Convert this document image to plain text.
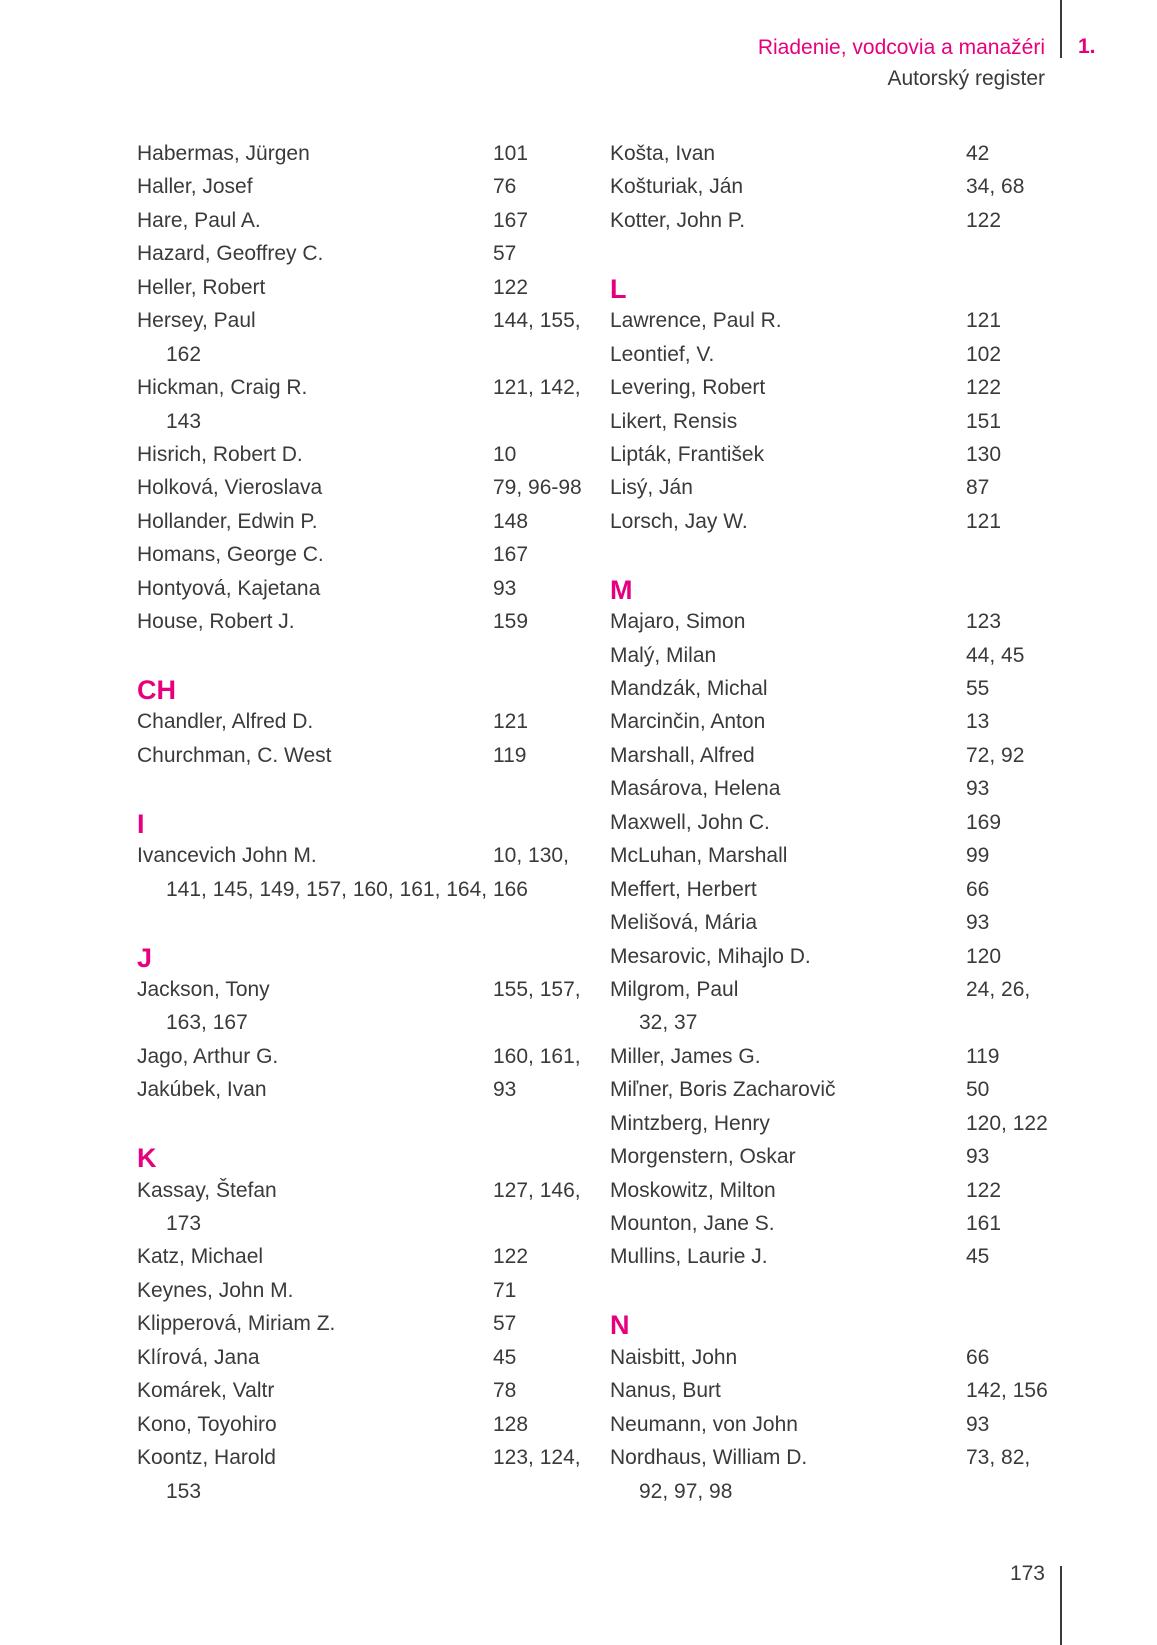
Riadenie, vodcovia a manažéri 1.
Autorský register
Habermas, Jürgen	101
Haller, Josef	76
Hare, Paul A.	167
Hazard, Geoffrey C.	57
Heller, Robert	122
Hersey, Paul	144, 155,
162
Hickman, Craig R.	121, 142,
143
Hisrich, Robert D.	10
Holková, Vieroslava	79, 96-98
Hollander, Edwin P.	148
Homans, George C.	167
Hontyová, Kajetana	93
House, Robert J.	159
CH
Chandler, Alfred D.	121
Churchman, C. West	119
I
Ivancevich John M.	10, 130,
141, 145, 149, 157, 160, 161, 164, 166
J
Jackson, Tony	155, 157,
163, 167
Jago, Arthur G.	160, 161,
Jakúbek, Ivan	93
K
Kassay, Štefan	127, 146,
173
Katz, Michael	122
Keynes, John M.	71
Klipperová, Miriam Z.	57
Klírová, Jana	45
Komárek, Valtr	78
Kono, Toyohiro	128
Koontz, Harold	123, 124,
153
Košta, Ivan	42
Košturiak, Ján	34, 68
Kotter, John P.	122
L
Lawrence, Paul R.	121
Leontief, V.	102
Levering, Robert	122
Likert, Rensis	151
Lipták, František	130
Lisý, Ján	87
Lorsch, Jay W.	121
M
Majaro, Simon	123
Malý, Milan	44, 45
Mandzák, Michal	55
Marcinčin, Anton	13
Marshall, Alfred	72, 92
Masárova, Helena	93
Maxwell, John C.	169
McLuhan, Marshall	99
Meffert, Herbert	66
Melišová, Mária	93
Mesarovic, Mihajlo D.	120
Milgrom, Paul	24, 26,
32, 37
Miller, James G.	119
Miľner, Boris Zacharovič	50
Mintzberg, Henry	120, 122
Morgenstern, Oskar	93
Moskowitz, Milton	122
Mounton, Jane S.	161
Mullins, Laurie J.	45
N
Naisbitt, John	66
Nanus, Burt	142, 156
Neumann, von John	93
Nordhaus, William D.	73, 82,
92, 97, 98
173
